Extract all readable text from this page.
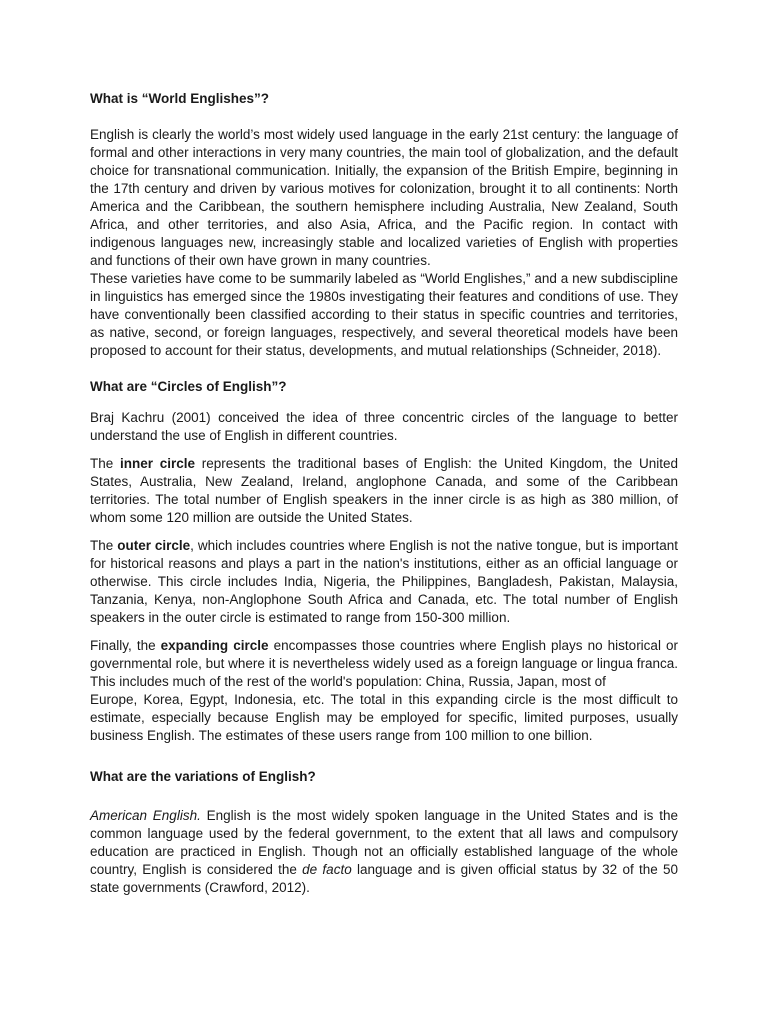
What is “World Englishes”?

English is clearly the world’s most widely used language in the early 21st century: the language of formal and other interactions in very many countries, the main tool of globalization, and the default choice for transnational communication. Initially, the expansion of the British Empire, beginning in the 17th century and driven by various motives for colonization, brought it to all continents: North America and the Caribbean, the southern hemisphere including Australia, New Zealand, South Africa, and other territories, and also Asia, Africa, and the Pacific region. In contact with indigenous languages new, increasingly stable and localized varieties of English with properties and functions of their own have grown in many countries.

These varieties have come to be summarily labeled as “World Englishes,” and a new subdiscipline in linguistics has emerged since the 1980s investigating their features and conditions of use. They have conventionally been classified according to their status in specific countries and territories, as native, second, or foreign languages, respectively, and several theoretical models have been proposed to account for their status, developments, and mutual relationships (Schneider, 2018).

What are “Circles of English”?

Braj Kachru (2001) conceived the idea of three concentric circles of the language to better understand the use of English in different countries.

The inner circle represents the traditional bases of English: the United Kingdom, the United States, Australia, New Zealand, Ireland, anglophone Canada, and some of the Caribbean territories. The total number of English speakers in the inner circle is as high as 380 million, of whom some 120 million are outside the United States.

The outer circle, which includes countries where English is not the native tongue, but is important for historical reasons and plays a part in the nation's institutions, either as an official language or otherwise. This circle includes India, Nigeria, the Philippines, Bangladesh, Pakistan, Malaysia, Tanzania, Kenya, non-Anglophone South Africa and Canada, etc. The total number of English speakers in the outer circle is estimated to range from 150-300 million.

Finally, the expanding circle encompasses those countries where English plays no historical or governmental role, but where it is nevertheless widely used as a foreign language or lingua franca. This includes much of the rest of the world's population: China, Russia, Japan, most of
Europe, Korea, Egypt, Indonesia, etc. The total in this expanding circle is the most difficult to estimate, especially because English may be employed for specific, limited purposes, usually business English. The estimates of these users range from 100 million to one billion.

What are the variations of English?

American English. English is the most widely spoken language in the United States and is the common language used by the federal government, to the extent that all laws and compulsory education are practiced in English. Though not an officially established language of the whole country, English is considered the de facto language and is given official status by 32 of the 50 state governments (Crawford, 2012).
